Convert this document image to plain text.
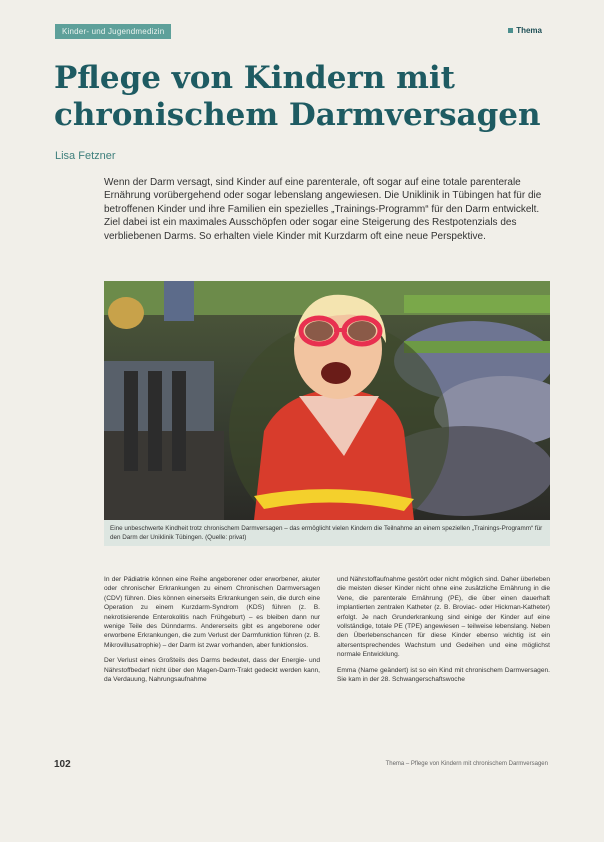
Kinder- und Jugendmedizin	Thema
Pflege von Kindern mit chronischem Darmversagen
Lisa Fetzner

Wenn der Darm versagt, sind Kinder auf eine parenterale, oft sogar auf eine totale parenterale Ernährung vorübergehend oder sogar lebenslang angewiesen. Die Uniklinik in Tübingen hat für die betroffenen Kinder und ihre Familien ein spezielles „Trainings-Programm“ für den Darm entwickelt. Ziel dabei ist ein maximales Ausschöpfen oder sogar eine Steigerung des Restpotenzials des verbliebenen Darms. So erhalten viele Kinder mit Kurzdarm oft eine neue Perspektive.

Eine unbeschwerte Kindheit trotz chronischem Darmversagen – das ermöglicht vielen Kindern die Teilnahme an einem speziellen „Trainings-Programm“ für den Darm der Uniklinik Tübingen. (Quelle: privat)

In der Pädiatrie können eine Reihe angeborener oder erworbener, akuter oder chronischer Erkrankungen zu einem Chronischen Darmversagen (CDV) führen. Dies können einerseits Erkrankungen sein, die durch eine Operation zu einem Kurzdarm-Syndrom (KDS) führen (z. B. nekrotisierende Enterokolitis nach Frühgeburt) – es bleiben dann nur wenige Teile des Dünndarms. Andererseits gibt es angeborene oder erworbene Erkrankungen, die zum Verlust der Darmfunktion führen (z. B. Mikrovillusatrophie) – der Darm ist zwar vorhanden, aber funktionslos.

Der Verlust eines Großteils des Darms bedeutet, dass der Energie- und Nährstoffbedarf nicht über den Magen-Darm-Trakt gedeckt werden kann, da Verdauung, Nahrungsaufnahme

und Nährstoffaufnahme gestört oder nicht möglich sind. Daher überleben die meisten dieser Kinder nicht ohne eine zusätzliche Ernährung in die Vene, die parenterale Ernährung (PE), die über einen dauerhaft implantierten zentralen Katheter (z. B. Broviac- oder Hickman-Katheter) erfolgt. Je nach Grunderkrankung sind einige der Kinder auf eine vollständige, totale PE (TPE) angewiesen – teilweise lebenslang. Neben den Überlebenschancen für diese Kinder ebenso wichtig ist ein altersentsprechendes Wachstum und Gedeihen und eine möglichst normale Entwicklung.

Emma (Name geändert) ist so ein Kind mit chronischem Darmversagen. Sie kam in der 28. Schwangerschaftswoche

102	Thema – Pflege von Kindern mit chronischem Darmversagen
